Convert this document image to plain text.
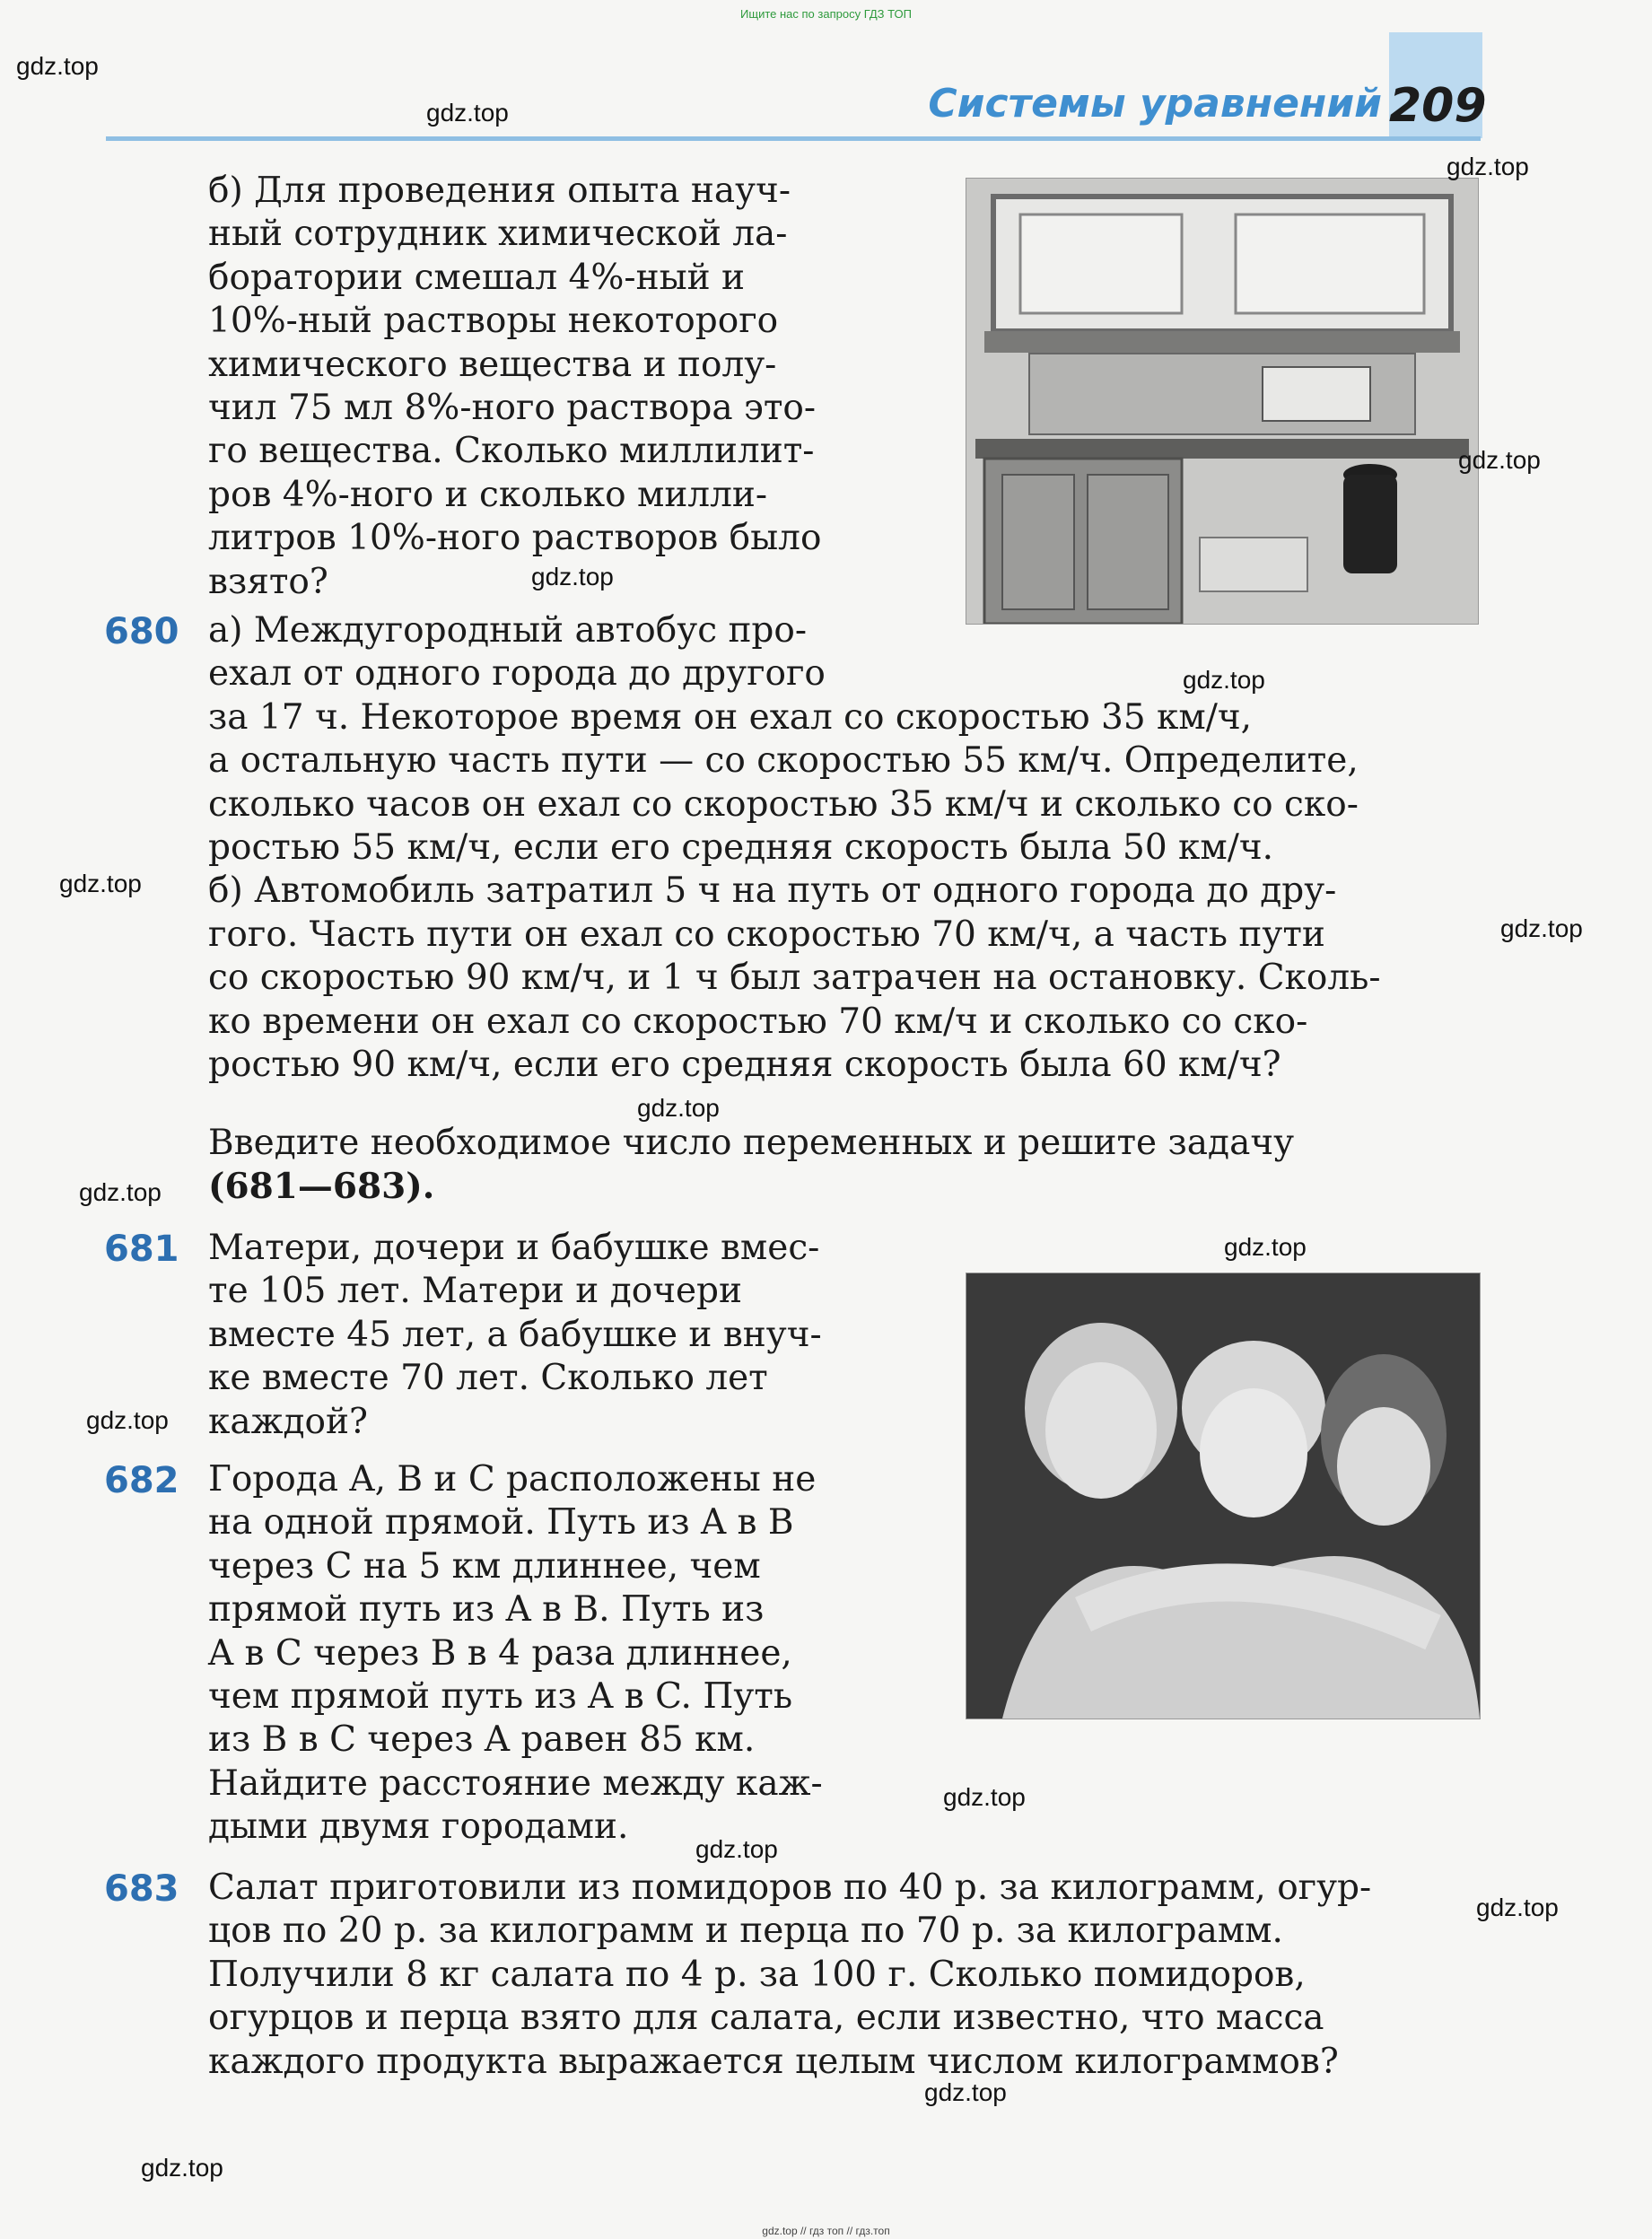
Ищите нас по запросу ГДЗ ТОП
gdz.top // гдз топ // гдз.топ
Системы уравнений 209
б) Для проведения опыта науч-
ный сотрудник химической ла-
боратории смешал 4%-ный и
10%-ный растворы некоторого
химического вещества и полу-
чил 75 мл 8%-ного раствора это-
го вещества. Сколько миллилит-
ров 4%-ного и сколько милли-
литров 10%-ного растворов было
взято?
680 а) Междугородный автобус про-
ехал от одного города до другого
за 17 ч. Некоторое время он ехал со скоростью 35 км/ч,
а остальную часть пути — со скоростью 55 км/ч. Определите,
сколько часов он ехал со скоростью 35 км/ч и сколько со ско-
ростью 55 км/ч, если его средняя скорость была 50 км/ч.
б) Автомобиль затратил 5 ч на путь от одного города до дру-
гого. Часть пути он ехал со скоростью 70 км/ч, а часть пути
со скоростью 90 км/ч, и 1 ч был затрачен на остановку. Сколь-
ко времени он ехал со скоростью 70 км/ч и сколько со ско-
ростью 90 км/ч, если его средняя скорость была 60 км/ч?
Введите необходимое число переменных и решите задачу
(681—683).
681 Матери, дочери и бабушке вмес-
те 105 лет. Матери и дочери
вместе 45 лет, а бабушке и внуч-
ке вместе 70 лет. Сколько лет
каждой?
682 Города A, B и C расположены не
на одной прямой. Путь из A в B
через C на 5 км длиннее, чем
прямой путь из A в B. Путь из
A в C через B в 4 раза длиннее,
чем прямой путь из A в C. Путь
из B в C через A равен 85 км.
Найдите расстояние между каж-
дыми двумя городами.
683 Салат приготовили из помидоров по 40 р. за килограмм, огур-
цов по 20 р. за килограмм и перца по 70 р. за килограмм.
Получили 8 кг салата по 4 р. за 100 г. Сколько помидоров,
огурцов и перца взято для салата, если известно, что масса
каждого продукта выражается целым числом килограммов?
gdz.top
gdz.top
gdz.top
gdz.top
gdz.top
gdz.top
gdz.top
gdz.top
gdz.top
gdz.top
gdz.top
gdz.top
gdz.top
gdz.top
gdz.top
gdz.top
gdz.top
